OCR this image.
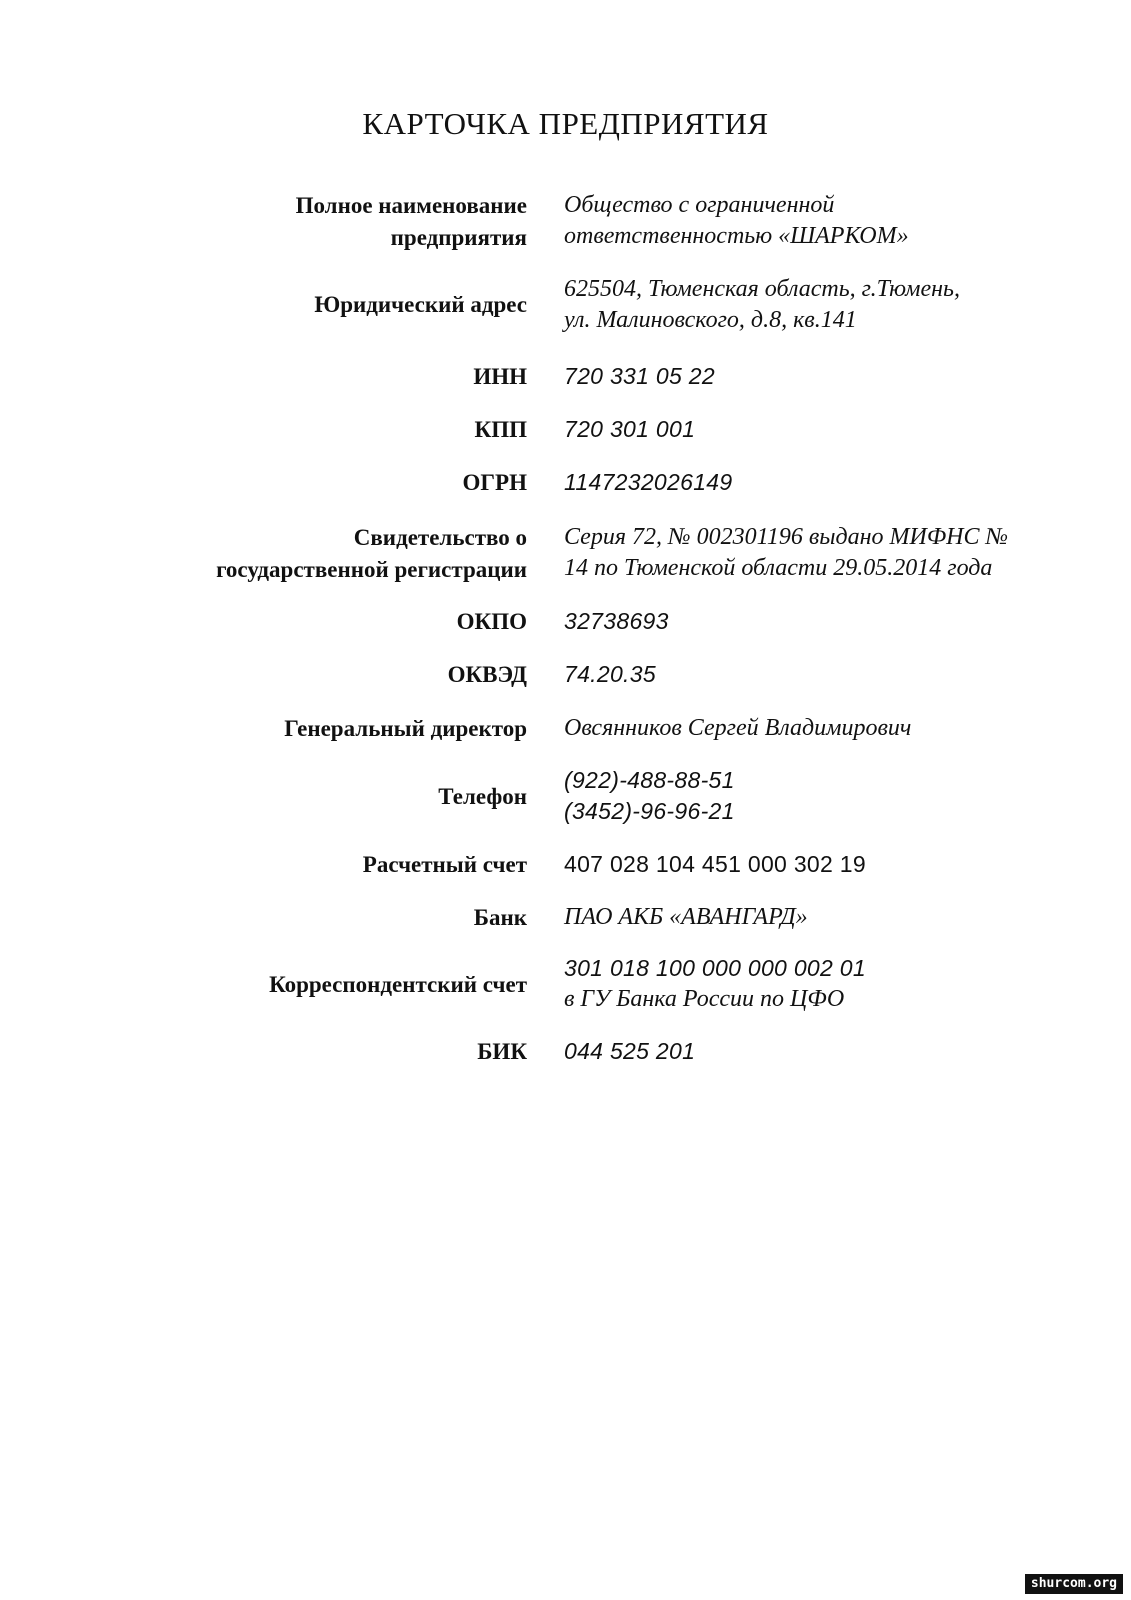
КАРТОЧКА ПРЕДПРИЯТИЯ
Полное наименование
предприятия
Общество с ограниченной
ответственностью «ШАРКОМ»
Юридический адрес
625504, Тюменская область, г.Тюмень,
ул. Малиновского, д.8, кв.141
ИНН 720 331 05 22
КПП 720 301 001
ОГРН 1147232026149
Свидетельство о
государственной регистрации
Серия 72, № 002301196 выдано МИФНС №
14 по Тюменской области 29.05.2014 года
ОКПО 32738693
ОКВЭД 74.20.35
Генеральный директор Овсянников Сергей Владимирович
Телефон
(922)-488-88-51
(3452)-96-96-21
Расчетный счет 407 028 104 451 000 302 19
Банк ПАО АКБ «АВАНГАРД»
Корреспондентский счет
301 018 100 000 000 002 01
в ГУ Банка России по ЦФО
БИК 044 525 201
shurcom.org
